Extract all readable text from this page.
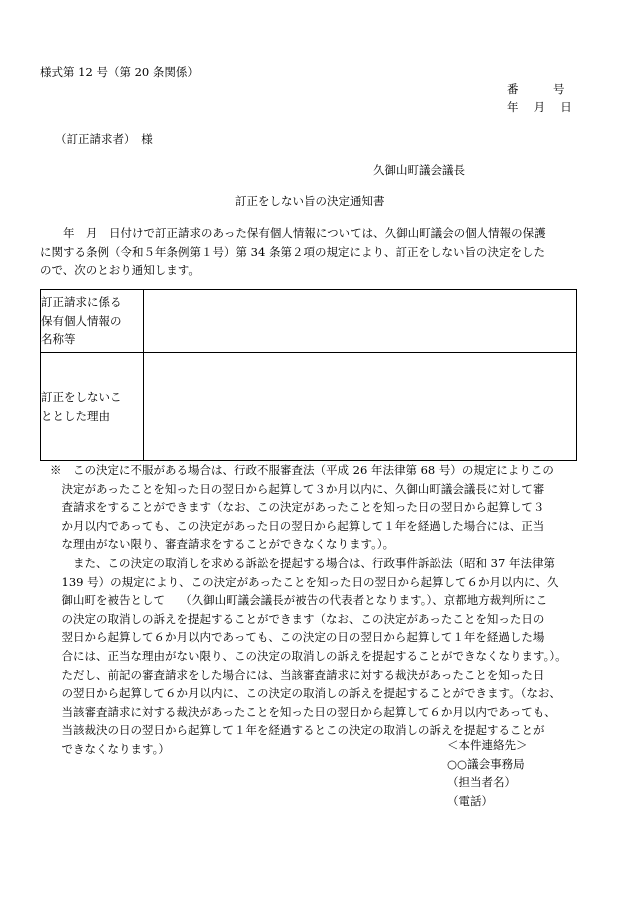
様式第 12 号（第 20 条関係）
番　　　号
年　 月　 日
（訂正請求者）　様
久御山町議会議長
訂正をしない旨の決定通知書
　　年　月　日付けで訂正請求のあった保有個人情報については、久御山町議会の個人情報の保護
に関する条例（令和５年条例第１号）第 34 条第２項の規定により、訂正をしない旨の決定をした
ので、次のとおり通知します。
訂正請求に係る
保有個人情報の
名称等	

訂正をしないこ
ととした理由	

※　この決定に不服がある場合は、行政不服審査法（平成 26 年法律第 68 号）の規定によりこの
　決定があったことを知った日の翌日から起算して３か月以内に、久御山町議会議長に対して審
　査請求をすることができます（なお、この決定があったことを知った日の翌日から起算して３
　か月以内であっても、この決定があった日の翌日から起算して１年を経過した場合には、正当
　な理由がない限り、審査請求をすることができなくなります。）。
　　また、この決定の取消しを求める訴訟を提起する場合は、行政事件訴訟法（昭和 37 年法律第
　139 号）の規定により、この決定があったことを知った日の翌日から起算して６か月以内に、久
　御山町を被告として　 （久御山町議会議長が被告の代表者となります。）、京都地方裁判所にこ
　の決定の取消しの訴えを提起することができます（なお、この決定があったことを知った日の
　翌日から起算して６か月以内であっても、この決定の日の翌日から起算して１年を経過した場
　合には、正当な理由がない限り、この決定の取消しの訴えを提起することができなくなります。）。
　ただし、前記の審査請求をした場合には、当該審査請求に対する裁決があったことを知った日
　の翌日から起算して６か月以内に、この決定の取消しの訴えを提起することができます。（なお、
　当該審査請求に対する裁決があったことを知った日の翌日から起算して６か月以内であっても、
　当該裁決の日の翌日から起算して１年を経過するとこの決定の取消しの訴えを提起することが
　できなくなります。）	＜本件連絡先＞
○○議会事務局
（担当者名）
（電話）
